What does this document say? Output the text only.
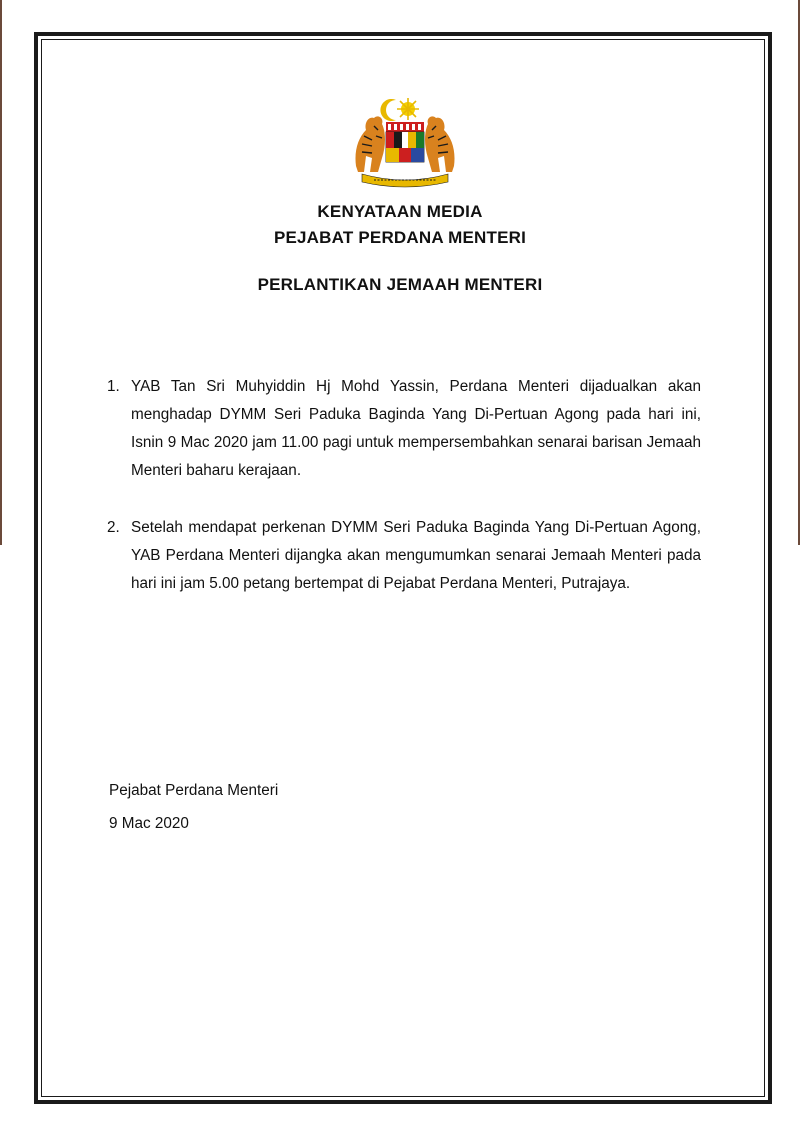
KENYATAAN MEDIA
PEJABAT PERDANA MENTERI
PERLANTIKAN JEMAAH MENTERI
1. YAB Tan Sri Muhyiddin Hj Mohd Yassin, Perdana Menteri dijadualkan akan menghadap DYMM Seri Paduka Baginda Yang Di-Pertuan Agong pada hari ini, Isnin 9 Mac 2020 jam 11.00 pagi untuk mempersembahkan senarai barisan Jemaah Menteri baharu kerajaan.
2. Setelah mendapat perkenan DYMM Seri Paduka Baginda Yang Di-Pertuan Agong, YAB Perdana Menteri dijangka akan mengumumkan senarai Jemaah Menteri pada hari ini jam 5.00 petang bertempat di Pejabat Perdana Menteri, Putrajaya.
Pejabat Perdana Menteri
9 Mac 2020
